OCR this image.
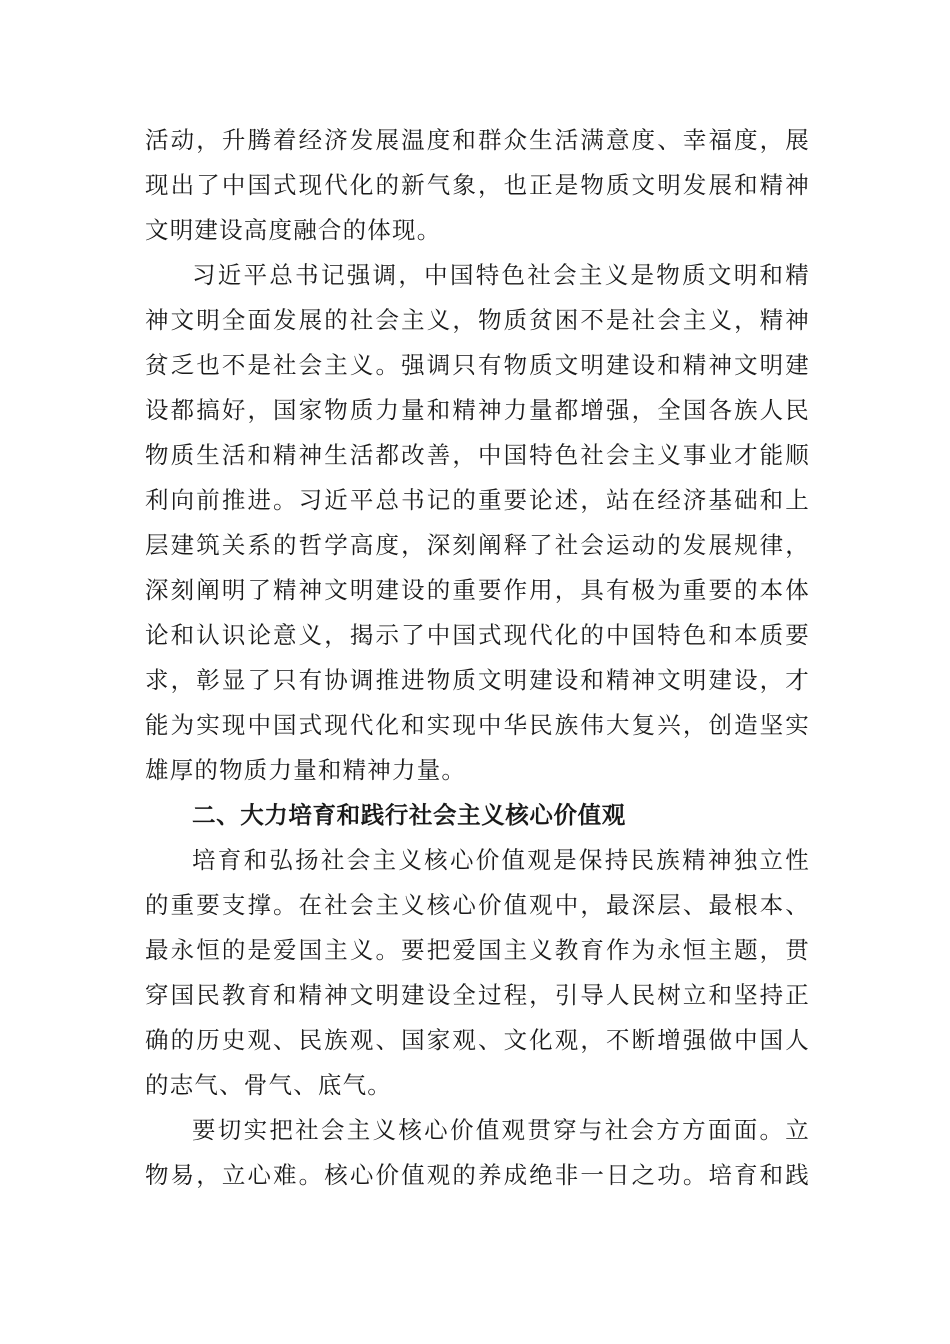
活动，升腾着经济发展温度和群众生活满意度、幸福度，展
现出了中国式现代化的新气象，也正是物质文明发展和精神
文明建设高度融合的体现。

习近平总书记强调，中国特色社会主义是物质文明和精
神文明全面发展的社会主义，物质贫困不是社会主义，精神
贫乏也不是社会主义。强调只有物质文明建设和精神文明建
设都搞好，国家物质力量和精神力量都增强，全国各族人民
物质生活和精神生活都改善，中国特色社会主义事业才能顺
利向前推进。习近平总书记的重要论述，站在经济基础和上
层建筑关系的哲学高度，深刻阐释了社会运动的发展规律，
深刻阐明了精神文明建设的重要作用，具有极为重要的本体
论和认识论意义，揭示了中国式现代化的中国特色和本质要
求，彰显了只有协调推进物质文明建设和精神文明建设，才
能为实现中国式现代化和实现中华民族伟大复兴，创造坚实
雄厚的物质力量和精神力量。

二、大力培育和践行社会主义核心价值观

培育和弘扬社会主义核心价值观是保持民族精神独立性
的重要支撑。在社会主义核心价值观中，最深层、最根本、
最永恒的是爱国主义。要把爱国主义教育作为永恒主题，贯
穿国民教育和精神文明建设全过程，引导人民树立和坚持正
确的历史观、民族观、国家观、文化观，不断增强做中国人
的志气、骨气、底气。

要切实把社会主义核心价值观贯穿与社会方方面面。立
物易，立心难。核心价值观的养成绝非一日之功。培育和践
